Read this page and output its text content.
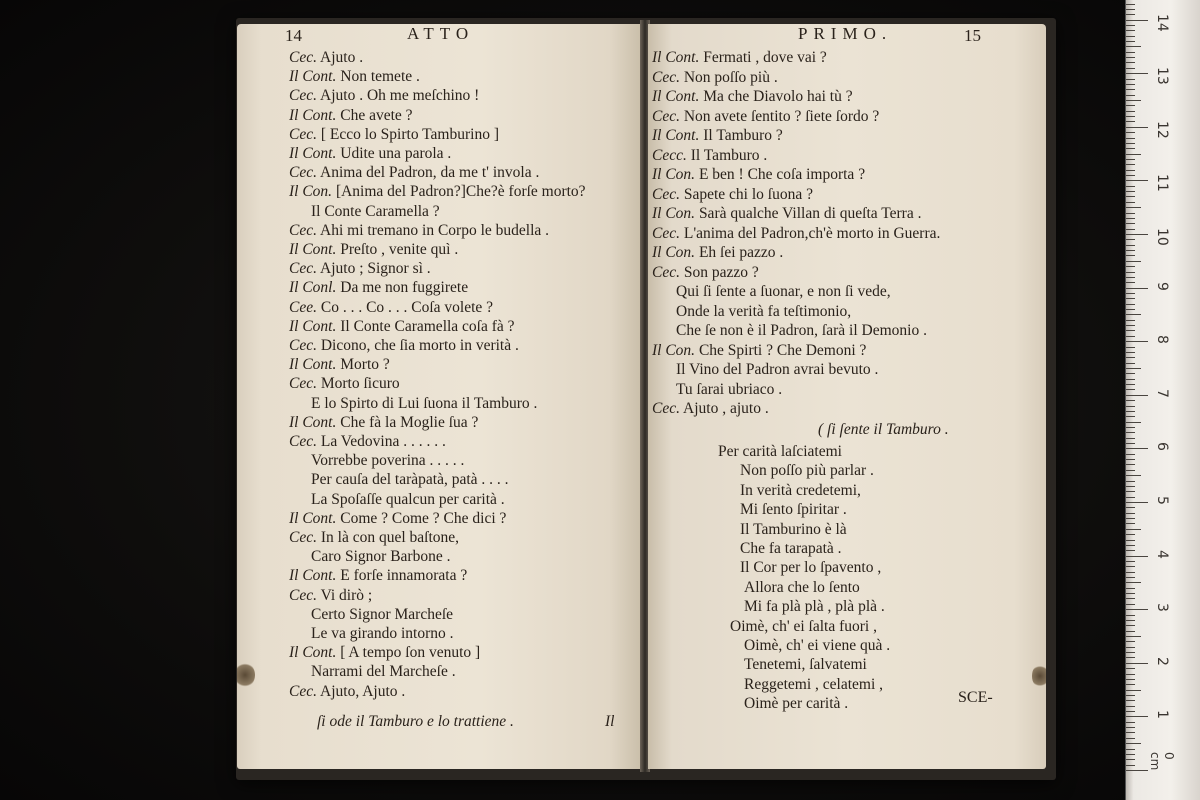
14	ATTO
Cec. Ajuto .
Il Cont. Non temete .
Cec. Ajuto . Oh me meſchino !
Il Cont. Che avete ?
Cec. [ Ecco lo Spirto Tamburino ]
Il Cont. Udite una parola .
Cec. Anima del Padron, da me t' involа .
Il Con. [Anima del Padron?]Che?è forſe morto?
Il Conte Caramella ?
Cec. Ahi mi tremano in Corpo le budella .
Il Cont. Preſto , venite quì .
Cec. Ajuto ; Signor sì .
Il Conl. Da me non fuggirete
Cee. Co . . . Co . . . Coſa volete ?
Il Cont. Il Conte Caramella coſa fà ?
Cec. Dicono, che ſia morto in verità .
Il Cont. Morto ?
Cec. Morto ſicuro
E lo Spirto di Lui ſuona il Tamburo .
Il Cont. Che fà la Moglie ſua ?
Cec. La Vedovina . . . . . .
Vorrebbe poverina . . . . .
Per cauſa del taràpatà, patà . . . .
La Spoſaſſe qualcun per carità .
Il Cont. Come ? Come ? Che dici ?
Cec. In là con quel baſtone,
Caro Signor Barbone .
Il Cont. E forſe innamorata ?
Cec. Vi dirò ;
Certo Signor Marcheſe
Le va girando intorno .
Il Cont. [ A tempo ſon venuto ]
Narrami del Marcheſe .
Cec. Ajuto, Ajuto .
ſi ode il Tamburo e lo trattiene .	Il
PRIMO.	15
Il Cont. Fermati , dove vai ?
Cec. Non poſſo più .
Il Cont. Ma che Diavolo hai tù ?
Cec. Non avete ſentito ? ſiete ſordo ?
Il Cont. Il Tamburo ?
Cecc. Il Tamburo .
Il Con. E ben ! Che coſa importa ?
Cec. Sapete chi lo ſuona ?
Il Con. Sarà qualche Villan di queſta Terra .
Cec. L'anima del Padron,ch'è morto in Guerra.
Il Con. Eh ſei pazzo .
Cec. Son pazzo ?
Qui ſi ſente a ſuonar, e non ſi vede,
Onde la verità fa teſtimonio,
Che ſe non è il Padron, ſarà il Demonio .
Il Con. Che Spirti ? Che Demoni ?
Il Vino del Padron avrai bevuto .
Tu ſarai ubriaco .
Cec. Ajuto , ajuto .
( ſi ſente il Tamburo .
Per carità laſciatemi
Non poſſo più parlar .
In verità credetemi,
Mi ſento ſpiritar .
Il Tamburino è là
Che fa tarapatà .
Il Cor per lo ſpavento ,
Allora che lo ſento
Mi fa plà plà , plà plà .
Oimè, ch' ei ſalta fuori ,
Oimè, ch' ei viene quà .
Tenetemi, ſalvatemi
Reggetemi , celatemi ,
Oimè per carità .	SCE-
1
2
3
4
5
6
7
8
9
10
11
12
13
14
0 cm
